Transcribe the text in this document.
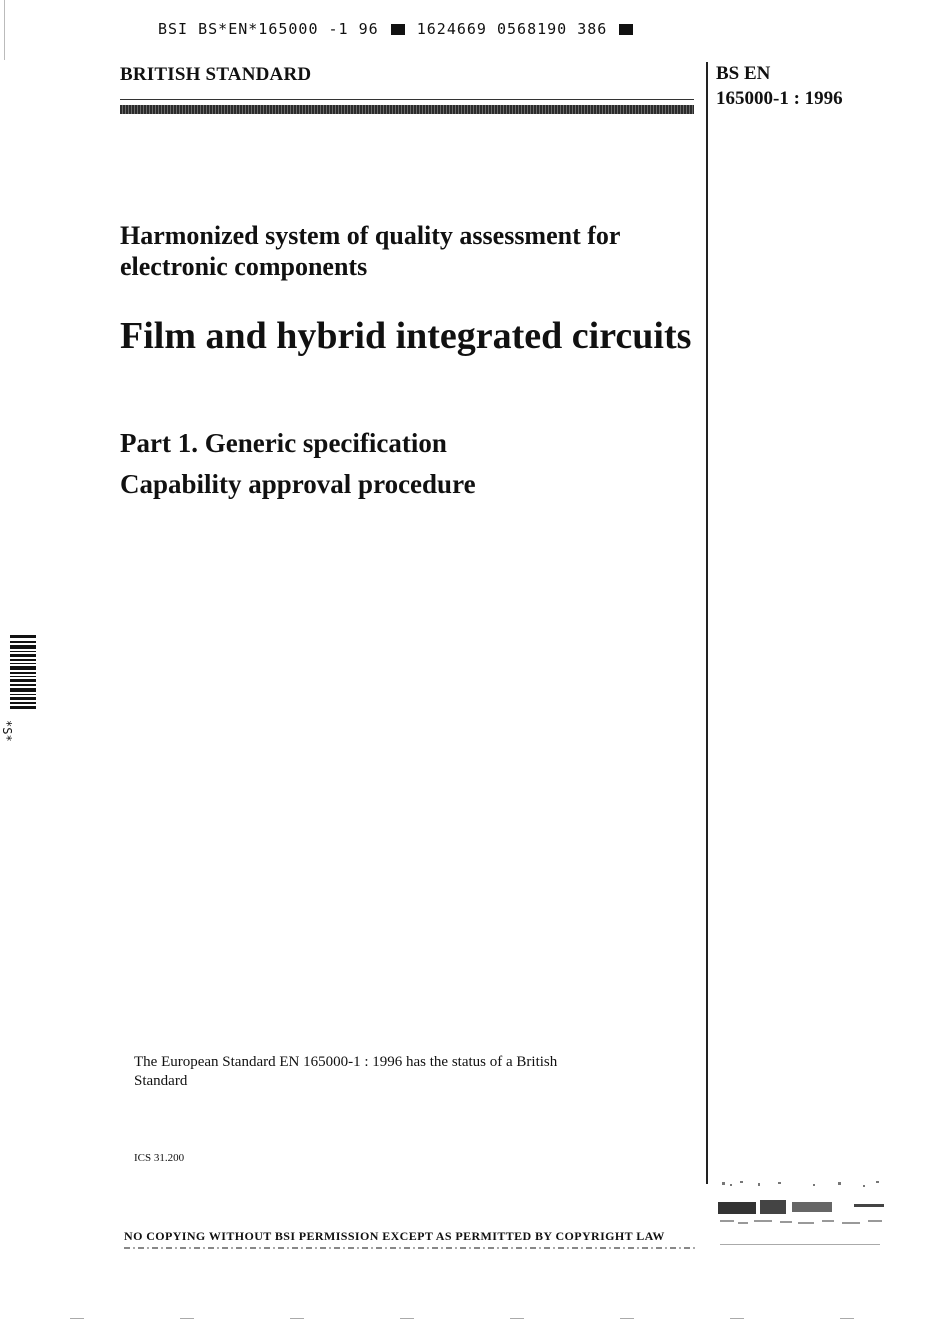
BSI BS*EN*165000 -1 96	1624669 0568190 386
BRITISH STANDARD	BS EN
165000-1 : 1996
Harmonized system of quality assessment for electronic components
Film and hybrid integrated circuits
Part 1. Generic specification
Capability approval procedure
*S*
The European Standard EN 165000-1 : 1996 has the status of a British Standard
ICS 31.200
NO COPYING WITHOUT BSI PERMISSION EXCEPT AS PERMITTED BY COPYRIGHT LAW
